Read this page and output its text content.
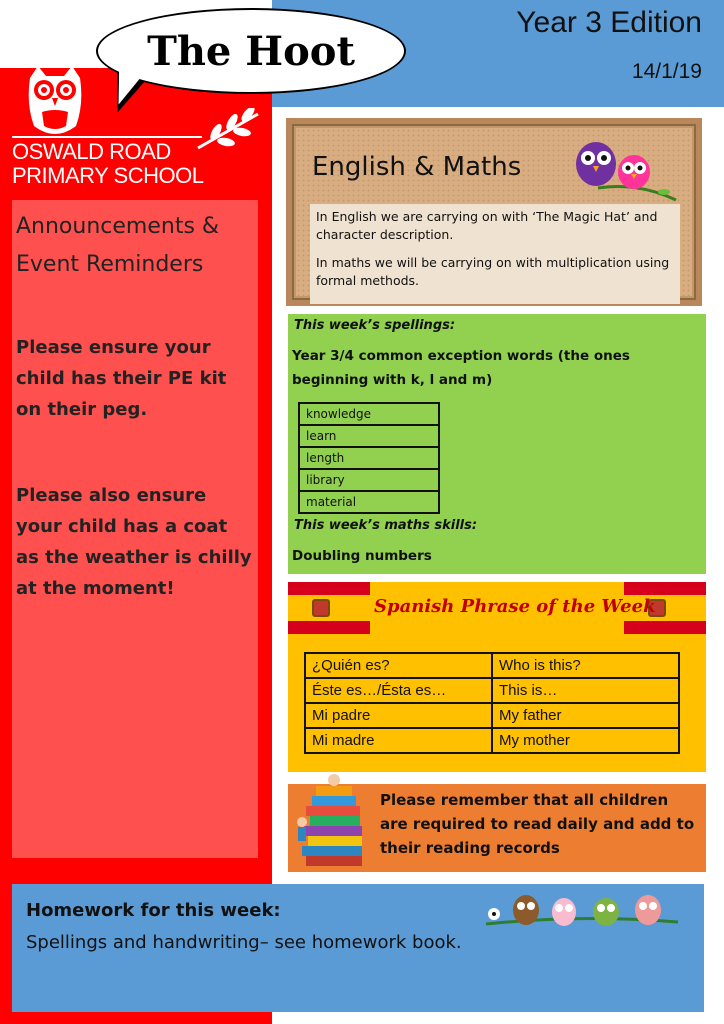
The Hoot
Year 3 Edition
14/1/19
OSWALD ROAD
PRIMARY SCHOOL
Announcements &
Event Reminders
Please ensure your child has their PE kit on their peg.
Please also ensure your child has a coat as the weather is chilly at the moment!
English & Maths

In English we are carrying on with ‘The Magic Hat’ and character description.

In maths we will be carrying on with multiplication using formal methods.

This week’s spellings:
Year 3/4 common exception words (the ones beginning with k, l and m)
knowledge
learn
length
library
material
This week’s maths skills:
Doubling numbers
Spanish Phrase of the Week
¿Quién es?	Who is this?
Éste es…/Ésta es…	This is…
Mi padre	My father
Mi madre	My mother
Please remember that all children are required to read daily and add to their reading records
Homework for this week:
Spellings and handwriting– see homework book.
